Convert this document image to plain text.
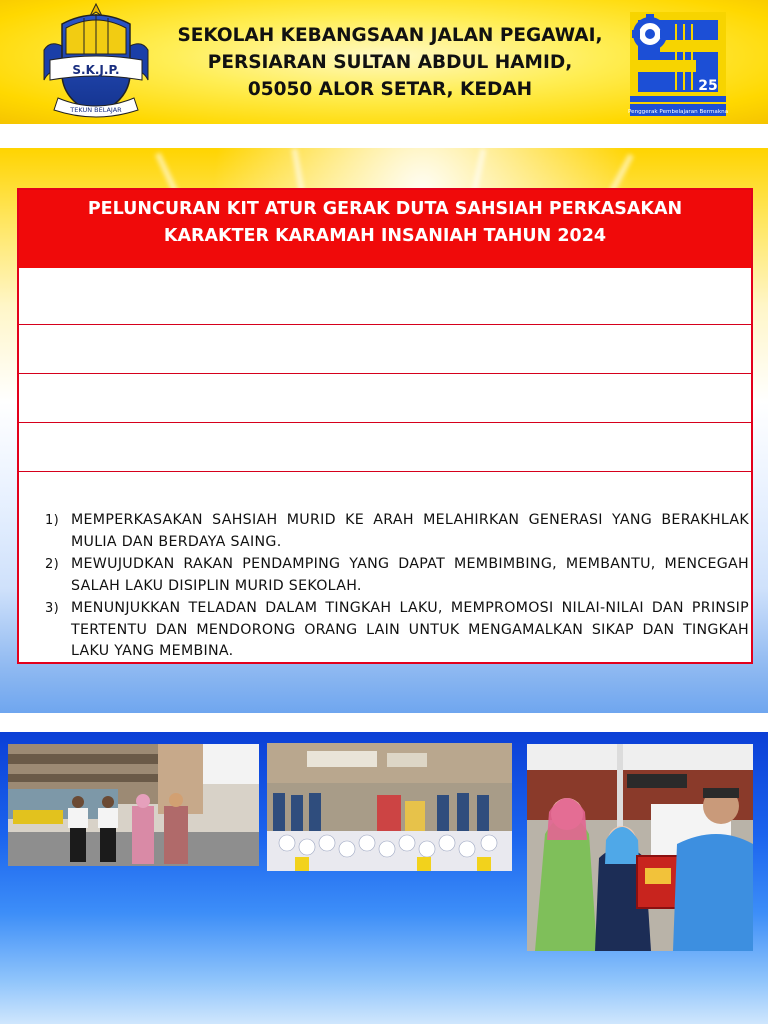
S.K.J.P.
TEKUN BELAJAR
SEKOLAH KEBANGSAAN JALAN PEGAWAI,
PERSIARAN SULTAN ABDUL HAMID,
05050 ALOR SETAR, KEDAH	25
Penggerak Pembelajaran Bermakna
PELUNCURAN KIT ATUR GERAK DUTA SAHSIAH PERKASAKAN
KARAKTER KARAMAH INSANIAH TAHUN 2024
1) MEMPERKASAKAN SAHSIAH MURID KE ARAH MELAHIRKAN GENERASI YANG BERAKHLAK MULIA DAN BERDAYA SAING.
2) MEWUJUDKAN RAKAN PENDAMPING YANG DAPAT MEMBIMBING, MEMBANTU, MENCEGAH SALAH LAKU DISIPLIN MURID SEKOLAH.
3) MENUNJUKKAN TELADAN DALAM TINGKAH LAKU, MEMPROMOSI NILAI-NILAI DAN PRINSIP TERTENTU DAN MENDORONG ORANG LAIN UNTUK MENGAMALKAN SIKAP DAN TINGKAH LAKU YANG MEMBINA.
